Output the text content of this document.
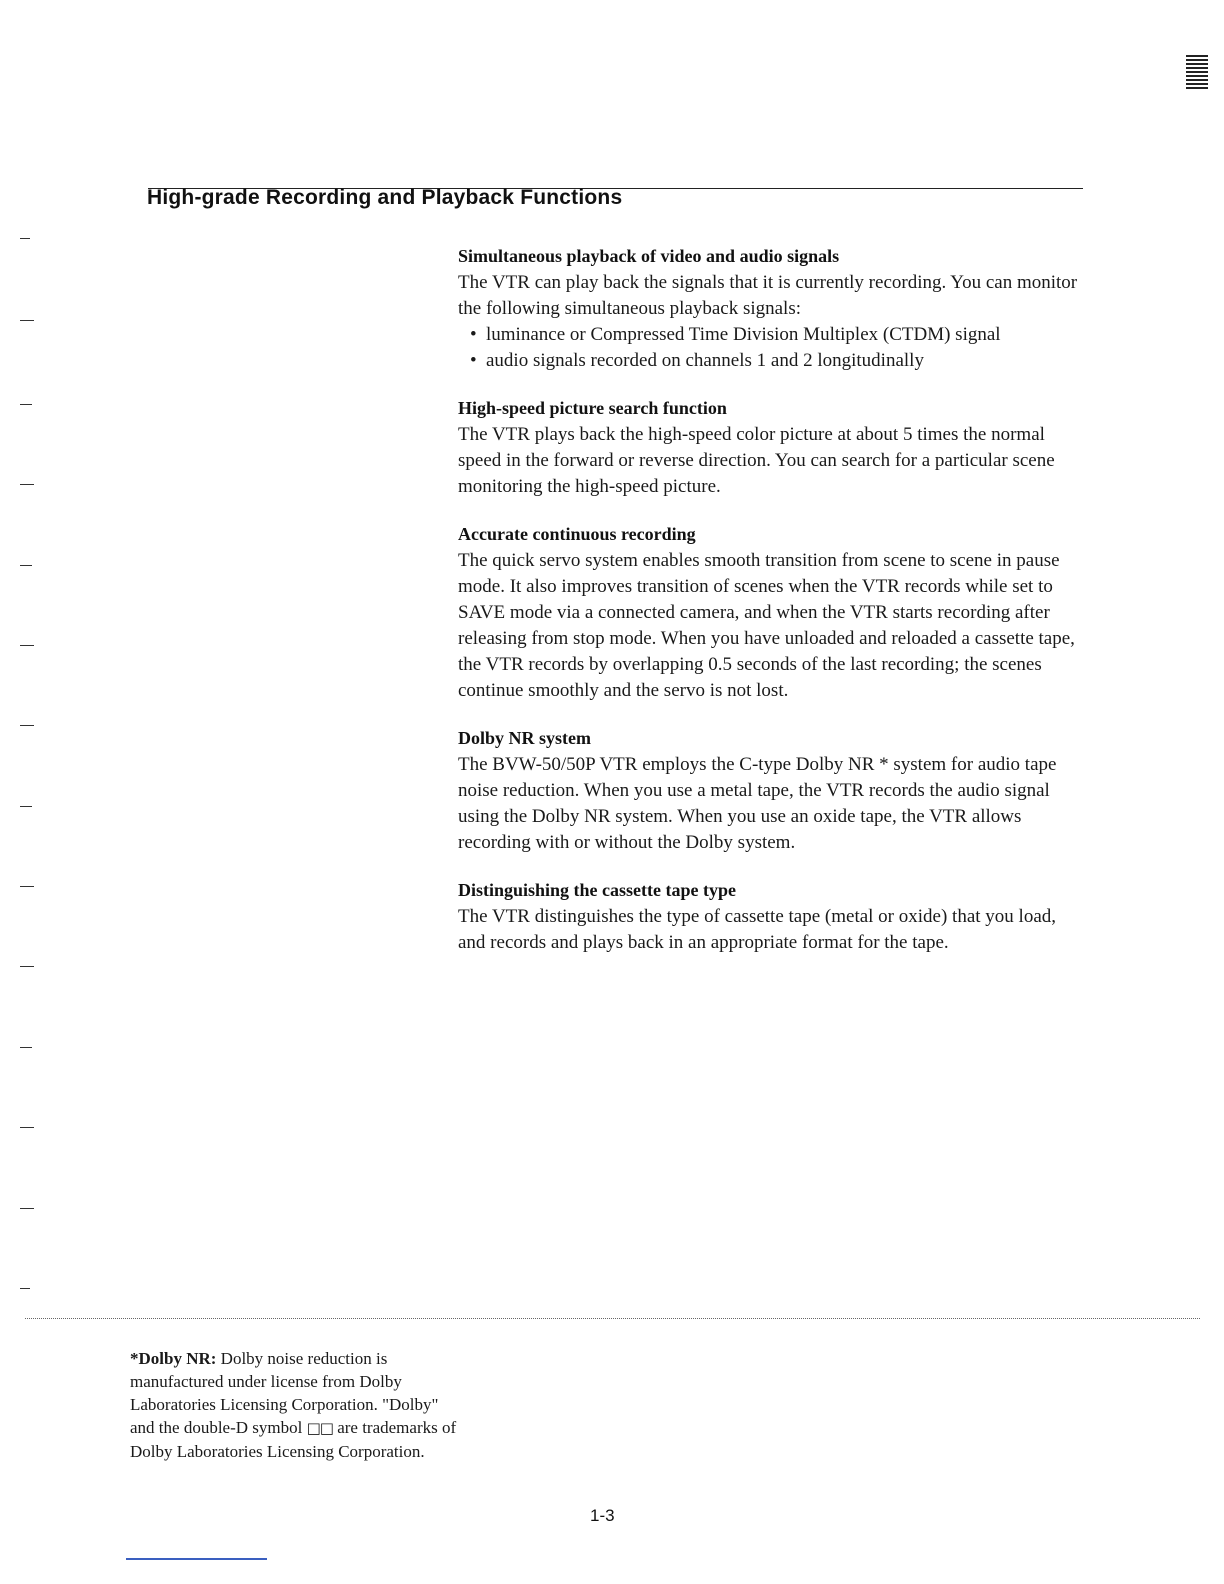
High-grade Recording and Playback Functions
Simultaneous playback of video and audio signals

The VTR can play back the signals that it is currently recording. You can monitor the following simultaneous playback signals:

• luminance or Compressed Time Division Multiplex (CTDM) signal
• audio signals recorded on channels 1 and 2 longitudinally
High-speed picture search function

The VTR plays back the high-speed color picture at about 5 times the normal speed in the forward or reverse direction. You can search for a particular scene monitoring the high-speed picture.

Accurate continuous recording

The quick servo system enables smooth transition from scene to scene in pause mode. It also improves transition of scenes when the VTR records while set to SAVE mode via a connected camera, and when the VTR starts recording after releasing from stop mode. When you have unloaded and reloaded a cassette tape, the VTR records by overlapping 0.5 seconds of the last recording; the scenes continue smoothly and the servo is not lost.

Dolby NR system

The BVW-50/50P VTR employs the C-type Dolby NR * system for audio tape noise reduction. When you use a metal tape, the VTR records the audio signal using the Dolby NR system. When you use an oxide tape, the VTR allows recording with or without the Dolby system.

Distinguishing the cassette tape type

The VTR distinguishes the type of cassette tape (metal or oxide) that you load, and records and plays back in an appropriate format for the tape.

*Dolby NR: Dolby noise reduction is manufactured under license from Dolby Laboratories Licensing Corporation. "Dolby" and the double-D symbol □□ are trademarks of Dolby Laboratories Licensing Corporation.
1-3
